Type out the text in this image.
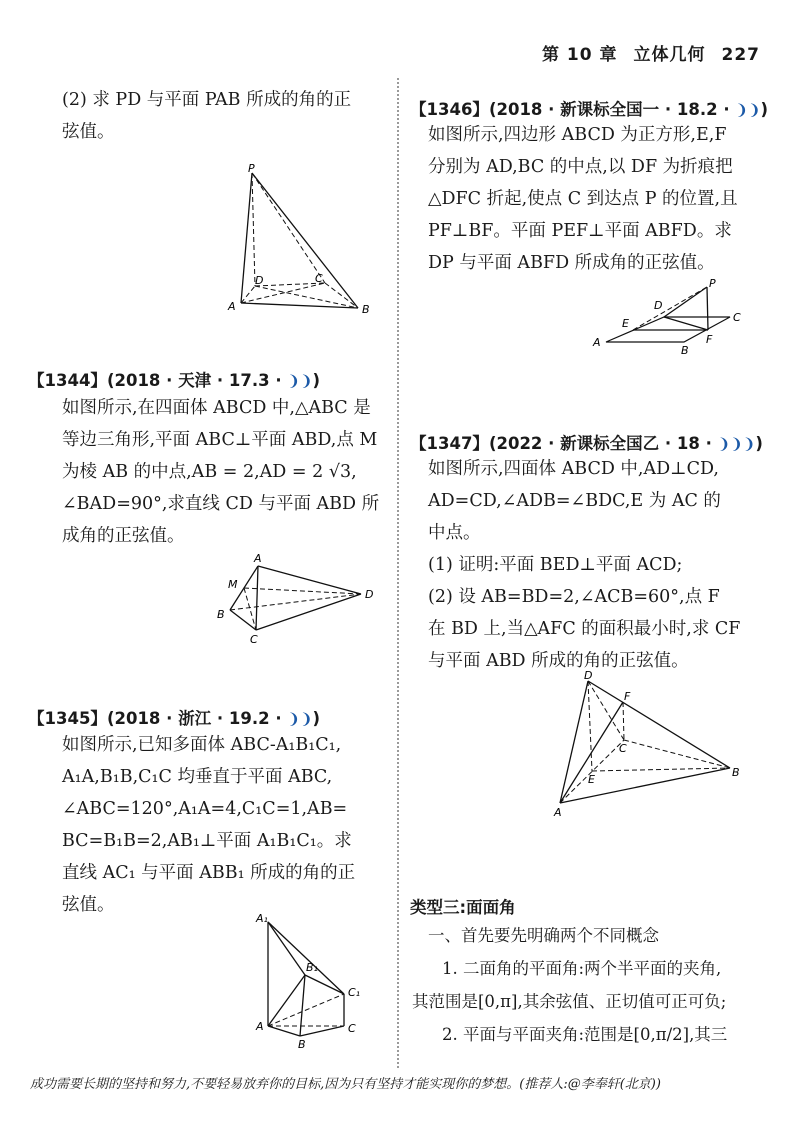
第 10 章 立体几何 227
(2) 求 PD 与平面 PAB 所成的角的正
弦值。
P
D	C
A	B
【1344】(2018 · 天津 · 17.3 · ❩❩)
如图所示,在四面体 ABCD 中,△ABC 是
等边三角形,平面 ABC⊥平面 ABD,点 M
为棱 AB 的中点,AB = 2,AD = 2 √3,
∠BAD=90°,求直线 CD 与平面 ABD 所
成角的正弦值。
A
M
B
C
D
【1345】(2018 · 浙江 · 19.2 · ❩❩)
如图所示,已知多面体 ABC-A₁B₁C₁,
A₁A,B₁B,C₁C 均垂直于平面 ABC,
∠ABC=120°,A₁A=4,C₁C=1,AB=
BC=B₁B=2,AB₁⊥平面 A₁B₁C₁。求
直线 AC₁ 与平面 ABB₁ 所成的角的正
弦值。
A₁
B₁
C₁
A
B
C
【1346】(2018 · 新课标全国一 · 18.2 · ❩❩)
如图所示,四边形 ABCD 为正方形,E,F
分别为 AD,BC 的中点,以 DF 为折痕把
△DFC 折起,使点 C 到达点 P 的位置,且
PF⊥BF。平面 PEF⊥平面 ABFD。求
DP 与平面 ABFD 所成角的正弦值。
P
D
C
E
F
A
B
【1347】(2022 · 新课标全国乙 · 18 · ❩❩❩)
如图所示,四面体 ABCD 中,AD⊥CD,
AD=CD,∠ADB=∠BDC,E 为 AC 的
中点。
(1) 证明:平面 BED⊥平面 ACD;
(2) 设 AB=BD=2,∠ACB=60°,点 F
在 BD 上,当△AFC 的面积最小时,求 CF
与平面 ABD 所成的角的正弦值。
D
F
C
E
A
B
类型三:面面角
一、首先要先明确两个不同概念
1. 二面角的平面角:两个半平面的夹角,
其范围是[0,π],其余弦值、正切值可正可负;
2. 平面与平面夹角:范围是[0,π/2],其三
成功需要长期的坚持和努力,不要轻易放弃你的目标,因为只有坚持才能实现你的梦想。(推荐人:@李奉轩(北京))
